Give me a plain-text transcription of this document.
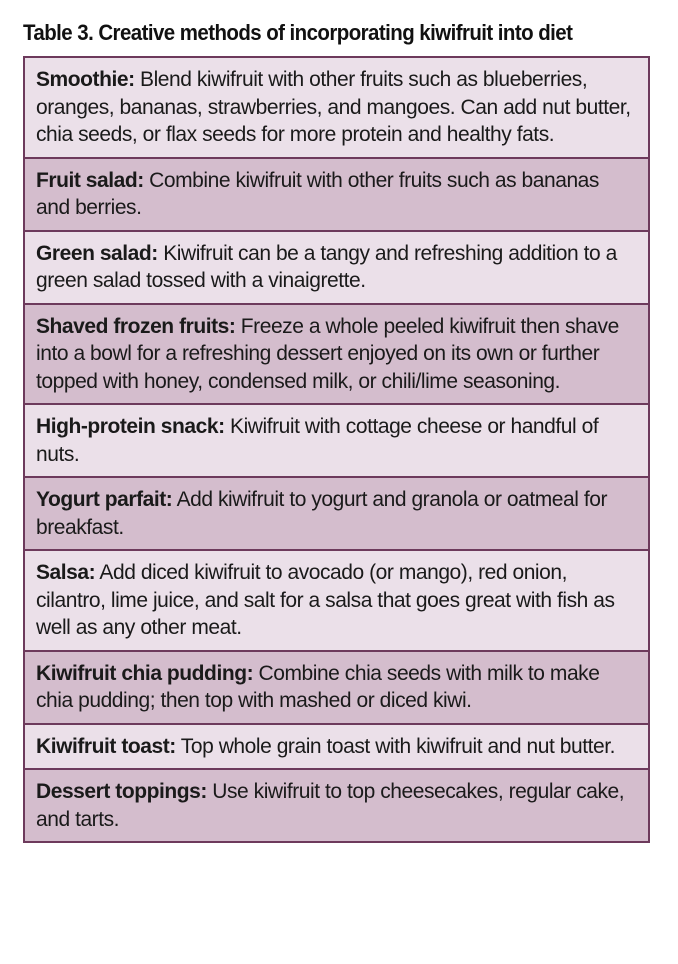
Table 3. Creative methods of incorporating kiwifruit into diet
Smoothie: Blend kiwifruit with other fruits such as blueberries, oranges, bananas, strawberries, and mangoes. Can add nut butter, chia seeds, or flax seeds for more protein and healthy fats.
Fruit salad: Combine kiwifruit with other fruits such as bananas and berries.
Green salad: Kiwifruit can be a tangy and refreshing addition to a green salad tossed with a vinaigrette.
Shaved frozen fruits: Freeze a whole peeled kiwifruit then shave into a bowl for a refreshing dessert enjoyed on its own or further topped with honey, condensed milk, or chili/lime seasoning.
High-protein snack: Kiwifruit with cottage cheese or handful of nuts.
Yogurt parfait: Add kiwifruit to yogurt and granola or oatmeal for breakfast.
Salsa: Add diced kiwifruit to avocado (or mango), red onion, cilantro, lime juice, and salt for a salsa that goes great with fish as well as any other meat.
Kiwifruit chia pudding: Combine chia seeds with milk to make chia pudding; then top with mashed or diced kiwi.
Kiwifruit toast: Top whole grain toast with kiwifruit and nut butter.
Dessert toppings: Use kiwifruit to top cheesecakes, regular cake, and tarts.
